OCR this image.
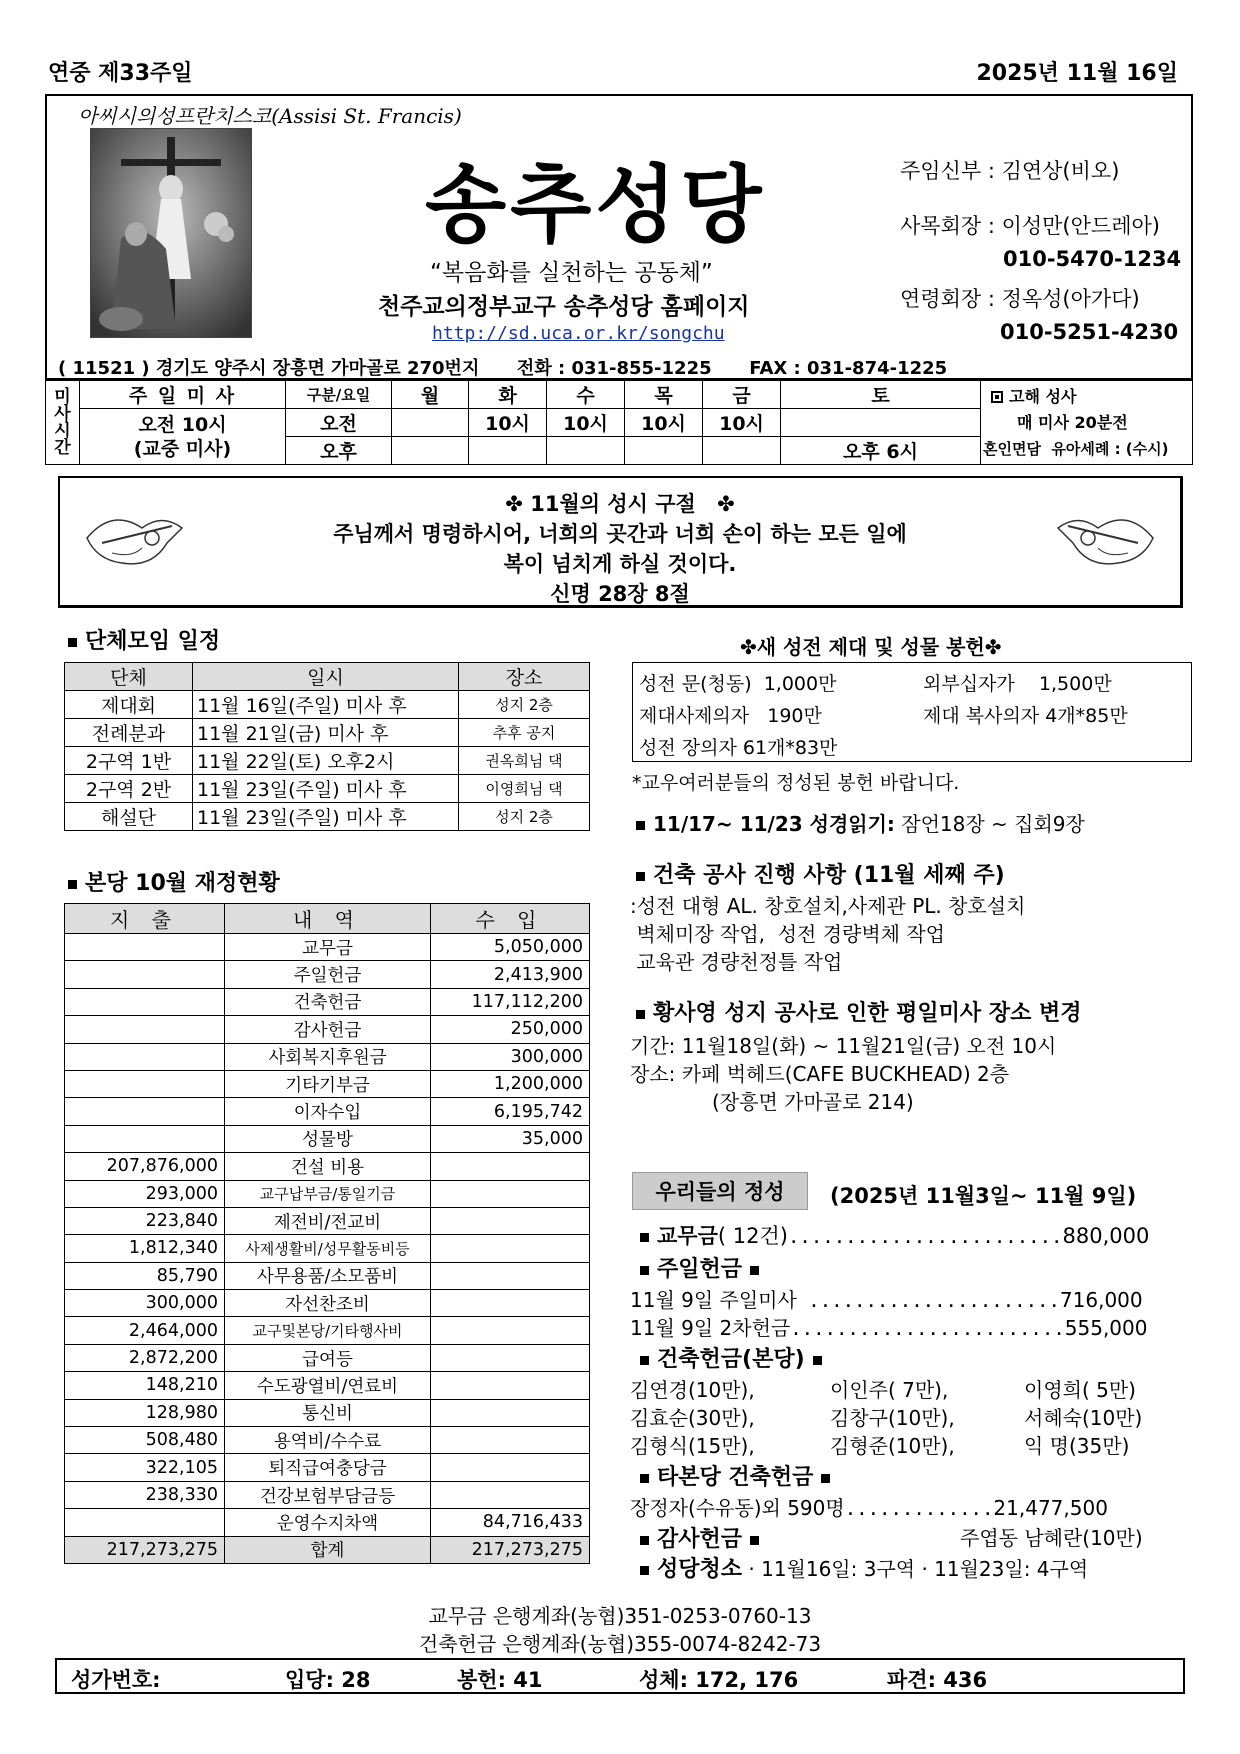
연중 제33주일	2025년 11월 16일
아씨시의성프란치스코(Assisi St. Francis)
송추성당
“복음화를 실천하는 공동체”
천주교의정부교구 송추성당 홈페이지
http://sd.uca.or.kr/songchu
주임신부 : 김연상(비오)
사목회장 : 이성만(안드레아)
010-5470-1234
연령회장 : 정옥성(아가다)
010-5251-4230
( 11521 ) 경기도 양주시 장흥면 가마골로 270번지      전화 : 031-855-1225      FAX : 031-874-1225
미
사
시
간	주 일 미 사	구분/요일	월	화	수	목	금	토	고해 성사
매 미사 20분전
혼인면담  유아세례 : (수시)
	오전 10시
(교중 미사)	오전		10시	10시	10시	10시		
		오후						오후 6시	
✤ 11월의 성시 구절 ✤
주님께서 명령하시어, 너희의 곳간과 너희 손이 하는 모든 일에
복이 넘치게 하실 것이다.
신명 28장 8절
단체모임 일정
단체	일시	장소
제대회	11월 16일(주일) 미사 후	성지 2층
전례분과	11월 21일(금) 미사 후	추후 공지
2구역 1반	11월 22일(토) 오후2시	권옥희님 댁
2구역 2반	11월 23일(주일) 미사 후	이영희님 댁
해설단	11월 23일(주일) 미사 후	성지 2층
본당 10월 재정현황
지 출	내 역	수 입
	교무금	5,050,000
	주일헌금	2,413,900
	건축헌금	117,112,200
	감사헌금	250,000
	사회복지후원금	300,000
	기타기부금	1,200,000
	이자수입	6,195,742
	성물방	35,000
207,876,000	건설 비용	
293,000	교구납부금/통일기금	
223,840	제전비/전교비	
1,812,340	사제생활비/성무활동비등	
85,790	사무용품/소모품비	
300,000	자선찬조비	
2,464,000	교구및본당/기타행사비	
2,872,200	급여등	
148,210	수도광열비/연료비	
128,980	통신비	
508,480	용역비/수수료	
322,105	퇴직급여충당금	
238,330	건강보험부담금등	
	운영수지차액	84,716,433
217,273,275	합계	217,273,275
✤새 성전 제대 및 성물 봉헌✤
성전 문(청동)  1,000만	외부십자가    1,500만
제대사제의자   190만	제대 복사의자 4개*85만
성전 장의자 61개*83만
*교우여러분들의 정성된 봉헌 바랍니다.
11/17~ 11/23 성경읽기: 잠언18장 ~ 집회9장
건축 공사 진행 사항 (11월 세째 주)
:성전 대형 AL. 창호설치,사제관 PL. 창호설치
벽체미장 작업,  성전 경량벽체 작업
교육관 경량천정틀 작업
황사영 성지 공사로 인한 평일미사 장소 변경
기간: 11월18일(화) ~ 11월21일(금) 오전 10시
장소: 카페 벅헤드(CAFE BUCKHEAD) 2층
(장흥면 가마골로 214)
우리들의 정성	(2025년 11월3일~ 11월 9일)
교무금( 12건)........................880,000
주일헌금
11월 9일 주일미사 ......................716,000
11월 9일 2차헌금........................555,000
건축헌금(본당)
김연경(10만),	이인주( 7만),	이영희( 5만)
김효순(30만),	김창구(10만),	서혜숙(10만)
김형식(15만),	김형준(10만),	익 명(35만)
타본당 건축헌금
장정자(수유동)외 590명.............21,477,500
감사헌금	주엽동 남혜란(10만)
성당청소 · 11월16일: 3구역 · 11월23일: 4구역
교무금 은행계좌(농협)351-0253-0760-13
건축헌금 은행계좌(농협)355-0074-8242-73
성가번호:	입당: 28	봉헌: 41	성체: 172, 176	파견: 436
